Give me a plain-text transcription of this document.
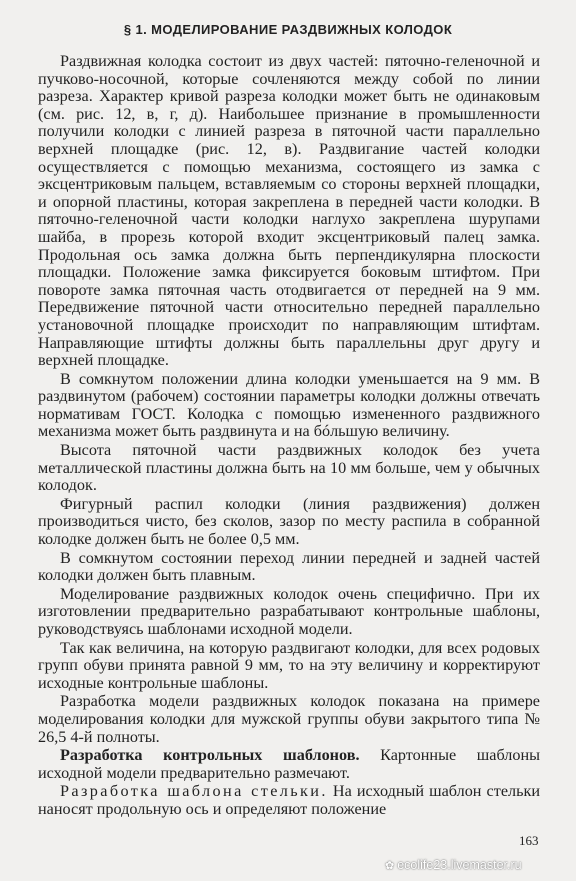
§ 1. МОДЕЛИРОВАНИЕ РАЗДВИЖНЫХ КОЛОДОК

Раздвижная колодка состоит из двух частей: пяточно-геленочной и пучково-носочной, которые сочленяются между собой по линии разреза. Характер кривой разреза колодки может быть не одинаковым (см. рис. 12, в, г, д). Наибольшее признание в промышленности получили колодки с линией разреза в пяточной части параллельно верхней площадке (рис. 12, в). Раздвигание частей колодки осуществляется с помощью механизма, состоящего из замка с эксцентриковым пальцем, вставляемым со стороны верхней площадки, и опорной пластины, которая закреплена в передней части колодки. В пяточно-геленочной части колодки наглухо закреплена шурупами шайба, в прорезь которой входит эксцентриковый палец замка. Продольная ось замка должна быть перпендикулярна плоскости площадки. Положение замка фиксируется боковым штифтом. При повороте замка пяточная часть отодвигается от передней на 9 мм. Передвижение пяточной части относительно передней параллельно установочной площадке происходит по направляющим штифтам. Направляющие штифты должны быть параллельны друг другу и верхней площадке.

В сомкнутом положении длина колодки уменьшается на 9 мм. В раздвинутом (рабочем) состоянии параметры колодки должны отвечать нормативам ГОСТ. Колодка с помощью измененного раздвижного механизма может быть раздвинута и на бóльшую величину.

Высота пяточной части раздвижных колодок без учета металлической пластины должна быть на 10 мм больше, чем у обычных колодок.

Фигурный распил колодки (линия раздвижения) должен производиться чисто, без сколов, зазор по месту распила в собранной колодке должен быть не более 0,5 мм.

В сомкнутом состоянии переход линии передней и задней частей колодки должен быть плавным.

Моделирование раздвижных колодок очень специфично. При их изготовлении предварительно разрабатывают контрольные шаблоны, руководствуясь шаблонами исходной модели.

Так как величина, на которую раздвигают колодки, для всех родовых групп обуви принята равной 9 мм, то на эту величину и корректируют исходные контрольные шаблоны.

Разработка модели раздвижных колодок показана на примере моделирования колодки для мужской группы обуви закрытого типа № 26,5 4-й полноты.

Разработка контрольных шаблонов. Картонные шаблоны исходной модели предварительно размечают.

Разработка шаблона стельки. На исходный шаблон стельки наносят продольную ось и определяют положение

163
✿ ecolife23.livemaster.ru
